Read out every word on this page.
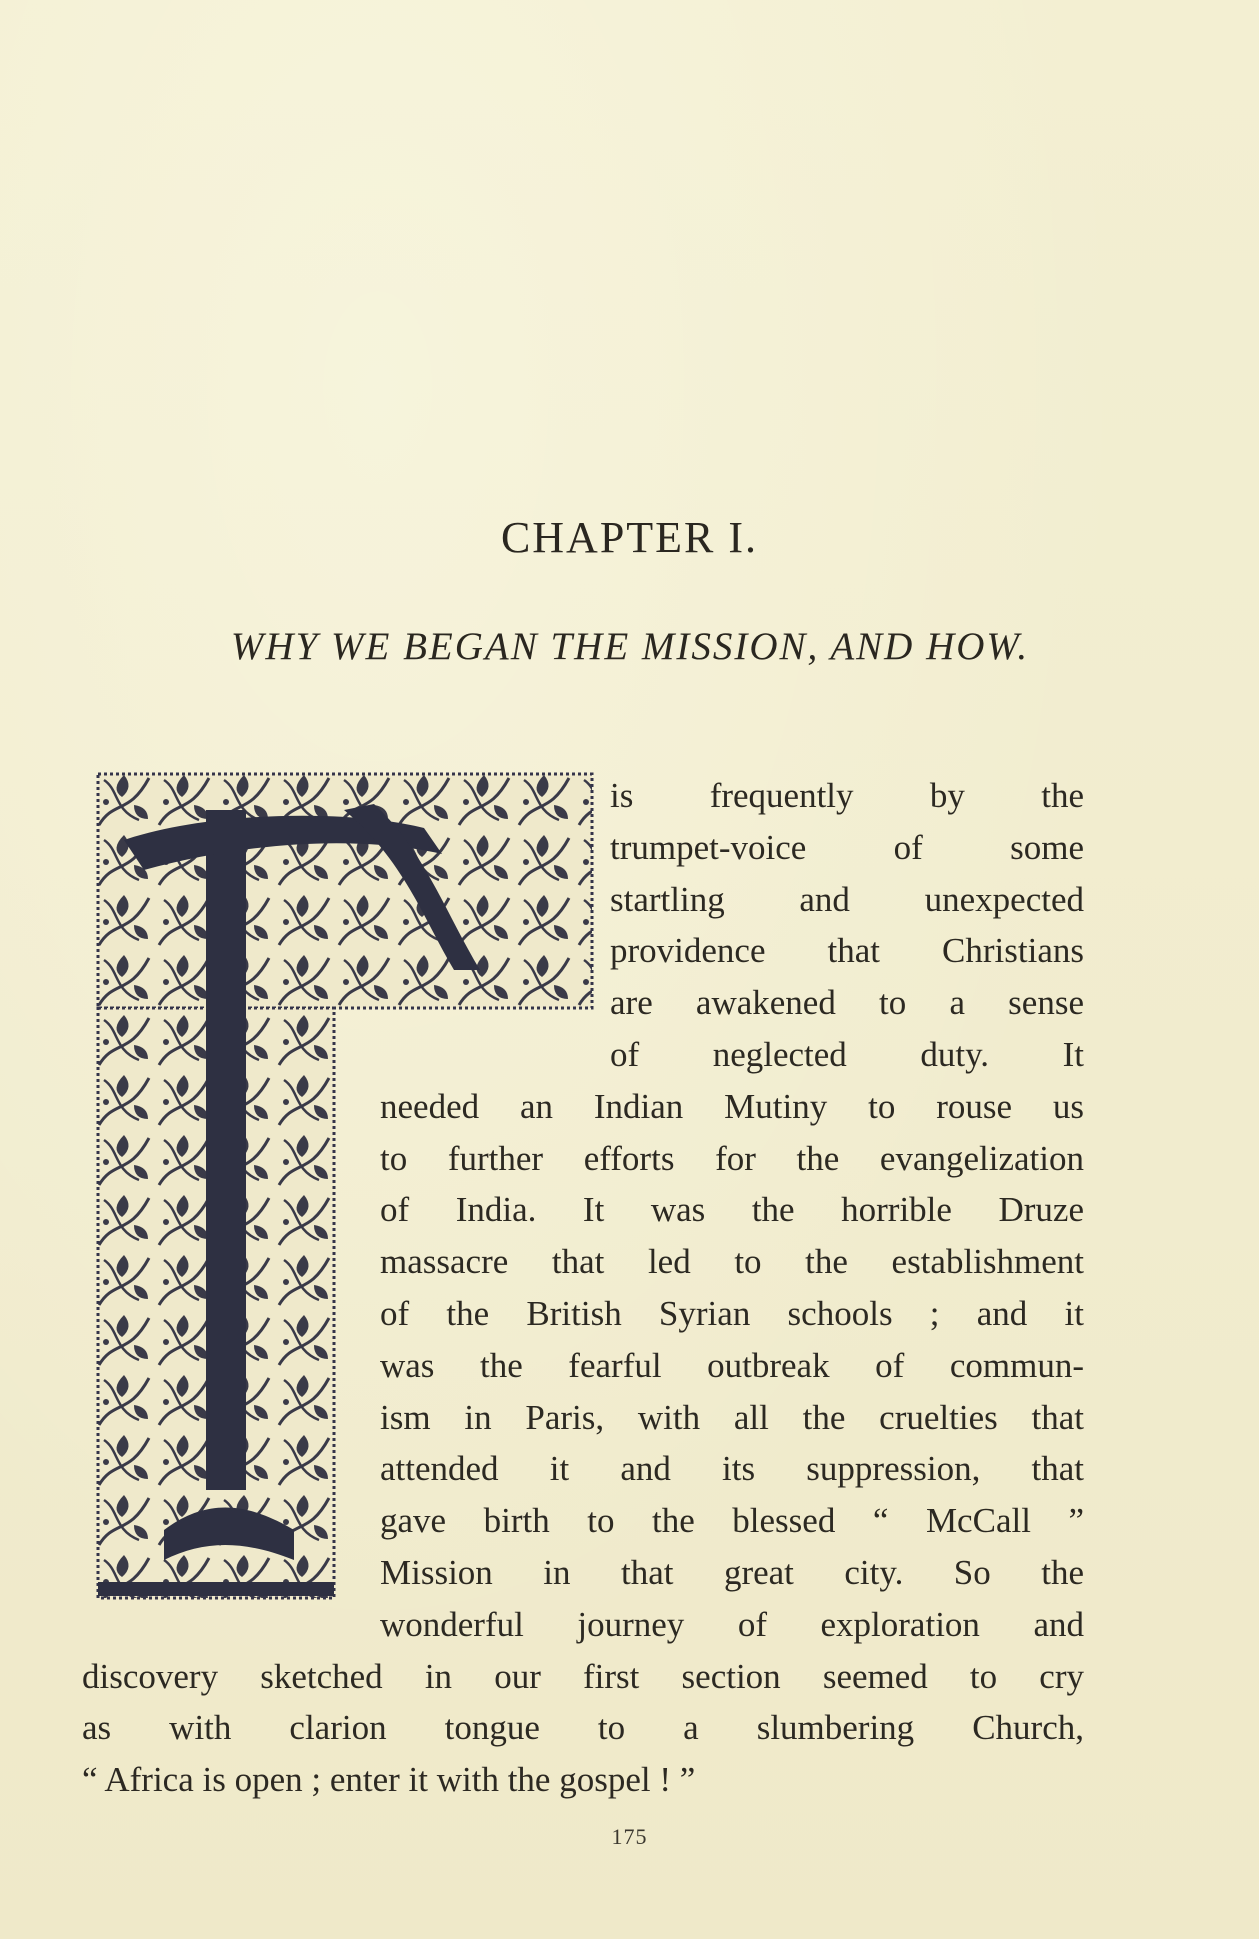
CHAPTER I.
WHY WE BEGAN THE MISSION, AND HOW.
is frequently by the
trumpet-voice of some
startling and unexpected
providence that Christians
are awakened to a sense
of neglected duty. It
needed an Indian Mutiny to rouse us
to further efforts for the evangelization
of India. It was the horrible Druze
massacre that led to the establishment
of the British Syrian schools ; and it
was the fearful outbreak of commun-
ism in Paris, with all the cruelties that
attended it and its suppression, that
gave birth to the blessed “ McCall ”
Mission in that great city. So the
wonderful journey of exploration and
discovery sketched in our first section seemed to cry
as with clarion tongue to a slumbering Church,
“ Africa is open ; enter it with the gospel ! ”
175
